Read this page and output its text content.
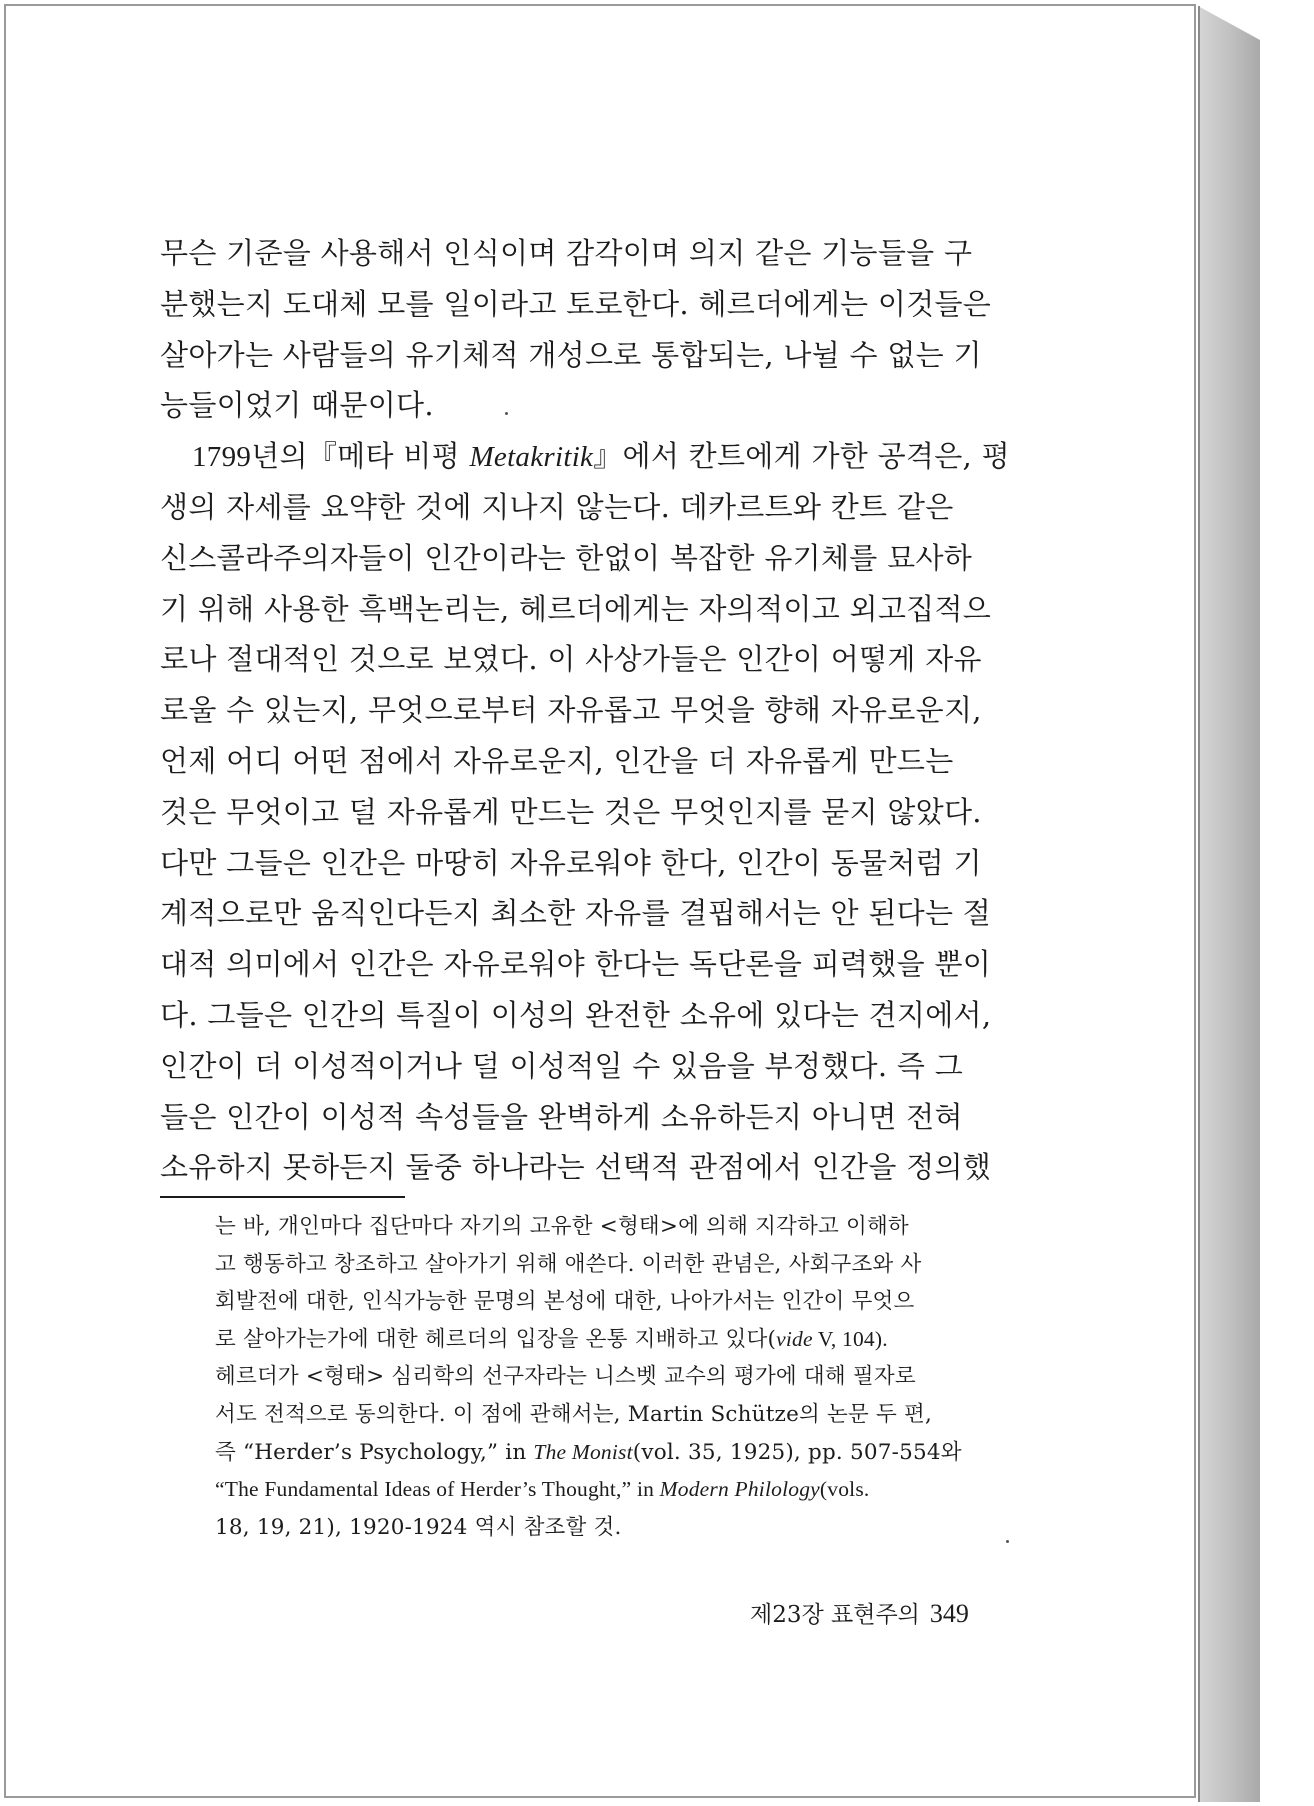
무슨 기준을 사용해서 인식이며 감각이며 의지 같은 기능들을 구
분했는지 도대체 모를 일이라고 토로한다. 헤르더에게는 이것들은
살아가는 사람들의 유기체적 개성으로 통합되는, 나뉠 수 없는 기
능들이었기 때문이다.
1799년의『메타 비평 Metakritik』에서 칸트에게 가한 공격은, 평
생의 자세를 요약한 것에 지나지 않는다. 데카르트와 칸트 같은
신스콜라주의자들이 인간이라는 한없이 복잡한 유기체를 묘사하
기 위해 사용한 흑백논리는, 헤르더에게는 자의적이고 외고집적으
로나 절대적인 것으로 보였다. 이 사상가들은 인간이 어떻게 자유
로울 수 있는지, 무엇으로부터 자유롭고 무엇을 향해 자유로운지,
언제 어디 어떤 점에서 자유로운지, 인간을 더 자유롭게 만드는
것은 무엇이고 덜 자유롭게 만드는 것은 무엇인지를 묻지 않았다.
다만 그들은 인간은 마땅히 자유로워야 한다, 인간이 동물처럼 기
계적으로만 움직인다든지 최소한 자유를 결핍해서는 안 된다는 절
대적 의미에서 인간은 자유로워야 한다는 독단론을 피력했을 뿐이
다. 그들은 인간의 특질이 이성의 완전한 소유에 있다는 견지에서,
인간이 더 이성적이거나 덜 이성적일 수 있음을 부정했다. 즉 그
들은 인간이 이성적 속성들을 완벽하게 소유하든지 아니면 전혀
소유하지 못하든지 둘중 하나라는 선택적 관점에서 인간을 정의했
는 바, 개인마다 집단마다 자기의 고유한 <형태>에 의해 지각하고 이해하
고 행동하고 창조하고 살아가기 위해 애쓴다. 이러한 관념은, 사회구조와 사
회발전에 대한, 인식가능한 문명의 본성에 대한, 나아가서는 인간이 무엇으
로 살아가는가에 대한 헤르더의 입장을 온통 지배하고 있다(vide V, 104).
헤르더가 <형태> 심리학의 선구자라는 니스벳 교수의 평가에 대해 필자로
서도 전적으로 동의한다. 이 점에 관해서는, Martin Schütze의 논문 두 편,
즉 “Herder’s Psychology,” in The Monist(vol. 35, 1925), pp. 507-554와
“The Fundamental Ideas of Herder’s Thought,” in Modern Philology(vols.
18, 19, 21), 1920-1924 역시 참조할 것.
제23장 표현주의 349
